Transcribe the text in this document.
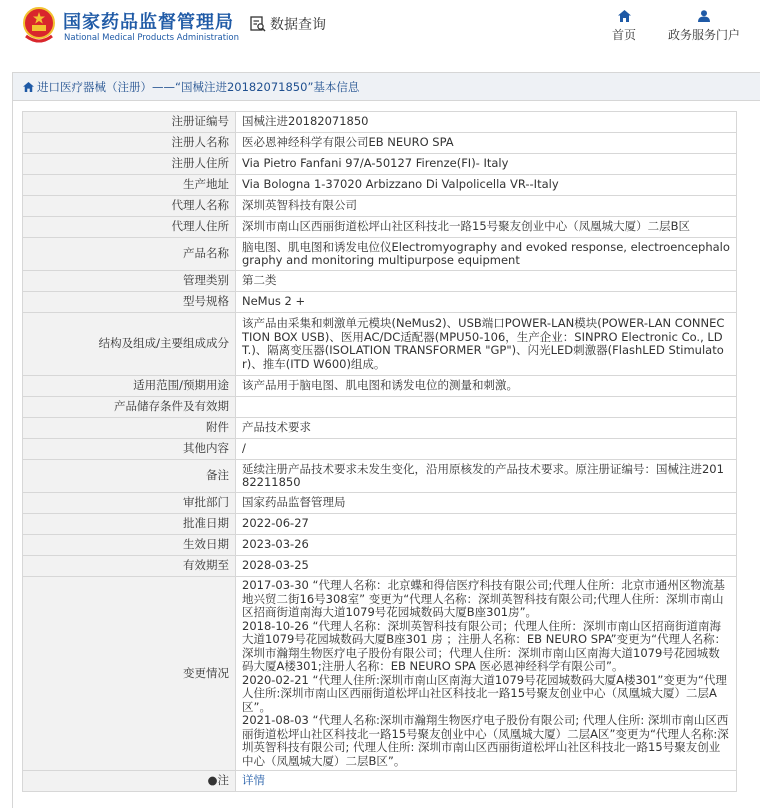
国家药品监督管理局
National Medical Products Administration
数据查询
首页	政务服务门户
进口医疗器械（注册）——“国械注进20182071850”基本信息
注册证编号	国械注进20182071850
注册人名称	医必恩神经科学有限公司EB NEURO SPA
注册人住所	Via Pietro Fanfani 97/A-50127 Firenze(FI)- Italy
生产地址	Via Bologna 1-37020 Arbizzano Di Valpolicella VR--Italy
代理人名称	深圳英智科技有限公司
代理人住所	深圳市南山区西丽街道松坪山社区科技北一路15号聚友创业中心（凤凰城大厦）二层B区
产品名称	脑电图、肌电图和诱发电位仪Electromyography and evoked response, electroencephalography and monitoring multipurpose equipment
管理类别	第二类
型号规格	NeMus 2 +
结构及组成/主要组成成分	该产品由采集和刺激单元模块(NeMus2)、USB端口POWER-LAN模块(POWER-LAN CONNECTION BOX USB)、医用AC/DC适配器(MPU50-106，生产企业：SINPRO Electronic Co., LDT.)、隔离变压器(ISOLATION TRANSFORMER "GP")、闪光LED刺激器(FlashLED Stimulator)、推车(ITD W600)组成。
适用范围/预期用途	该产品用于脑电图、肌电图和诱发电位的测量和刺激。
产品储存条件及有效期	
附件	产品技术要求
其他内容	/
备注	延续注册产品技术要求未发生变化，沿用原核发的产品技术要求。原注册证编号：国械注进20182211850
审批部门	国家药品监督管理局
批准日期	2022-06-27
生效日期	2023-03-26
有效期至	2028-03-25
变更情况	2017-03-30 “代理人名称：北京蝶和得信医疗科技有限公司;代理人住所：北京市通州区物流基地兴贸二街16号308室” 变更为“代理人名称：深圳英智科技有限公司;代理人住所：深圳市南山区招商街道南海大道1079号花园城数码大厦B座301房”。
2018-10-26 “代理人名称：深圳英智科技有限公司；代理人住所：深圳市南山区招商街道南海大道1079号花园城数码大厦B座301 房 ；注册人名称：EB NEURO SPA”变更为“代理人名称：深圳市瀚翔生物医疗电子股份有限公司；代理人住所：深圳市南山区南海大道1079号花园城数码大厦A楼301;注册人名称：EB NEURO SPA 医必恩神经科学有限公司”。
2020-02-21 “代理人住所:深圳市南山区南海大道1079号花园城数码大厦A楼301”变更为“代理人住所:深圳市南山区西丽街道松坪山社区科技北一路15号聚友创业中心（凤凰城大厦）二层A区”。
2021-08-03 “代理人名称:深圳市瀚翔生物医疗电子股份有限公司; 代理人住所: 深圳市南山区西丽街道松坪山社区科技北一路15号聚友创业中心（凤凰城大厦）二层A区”变更为“代理人名称:深圳英智科技有限公司; 代理人住所: 深圳市南山区西丽街道松坪山社区科技北一路15号聚友创业中心（凤凰城大厦）二层B区”。

●注	详情
